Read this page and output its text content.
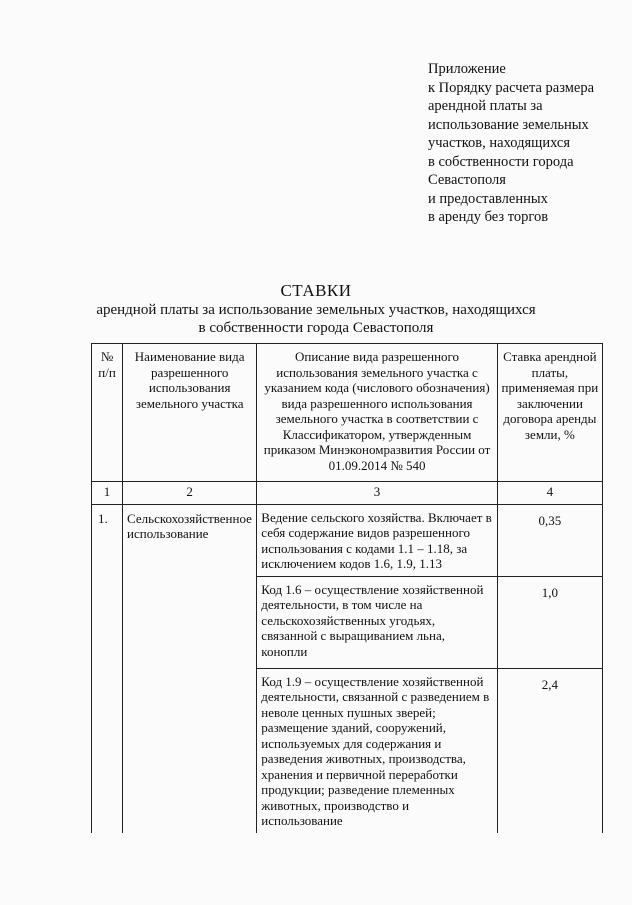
Приложение
к Порядку расчета размера
арендной платы за
использование земельных
участков, находящихся
в собственности города
Севастополя
и предоставленных
в аренду без торгов
СТАВКИ
арендной платы за использование земельных участков, находящихся
в собственности города Севастополя
№ п/п	Наименование вида разрешенного использования земельного участка	Описание вида разрешенного использования земельного участка с указанием кода (числового обозначения) вида разрешенного использования земельного участка в соответствии с Классификатором, утвержденным приказом Минэкономразвития России от 01.09.2014 № 540	Ставка арендной платы, применяемая при заключении договора аренды земли, %
1	2	3	4
1.	Сельскохозяйственное использование	Ведение сельского хозяйства. Включает в себя содержание видов разрешенного использования с кодами 1.1 – 1.18, за исключением кодов 1.6, 1.9, 1.13	0,35
		Код 1.6 – осуществление хозяйственной деятельности, в том числе на сельскохозяйственных угодьях, связанной с выращиванием льна, конопли	1,0
		Код 1.9 – осуществление хозяйственной деятельности, связанной с разведением в неволе ценных пушных зверей; размещение зданий, сооружений, используемых для содержания и разведения животных, производства, хранения и первичной переработки продукции; разведение племенных животных, производство и использование	2,4
